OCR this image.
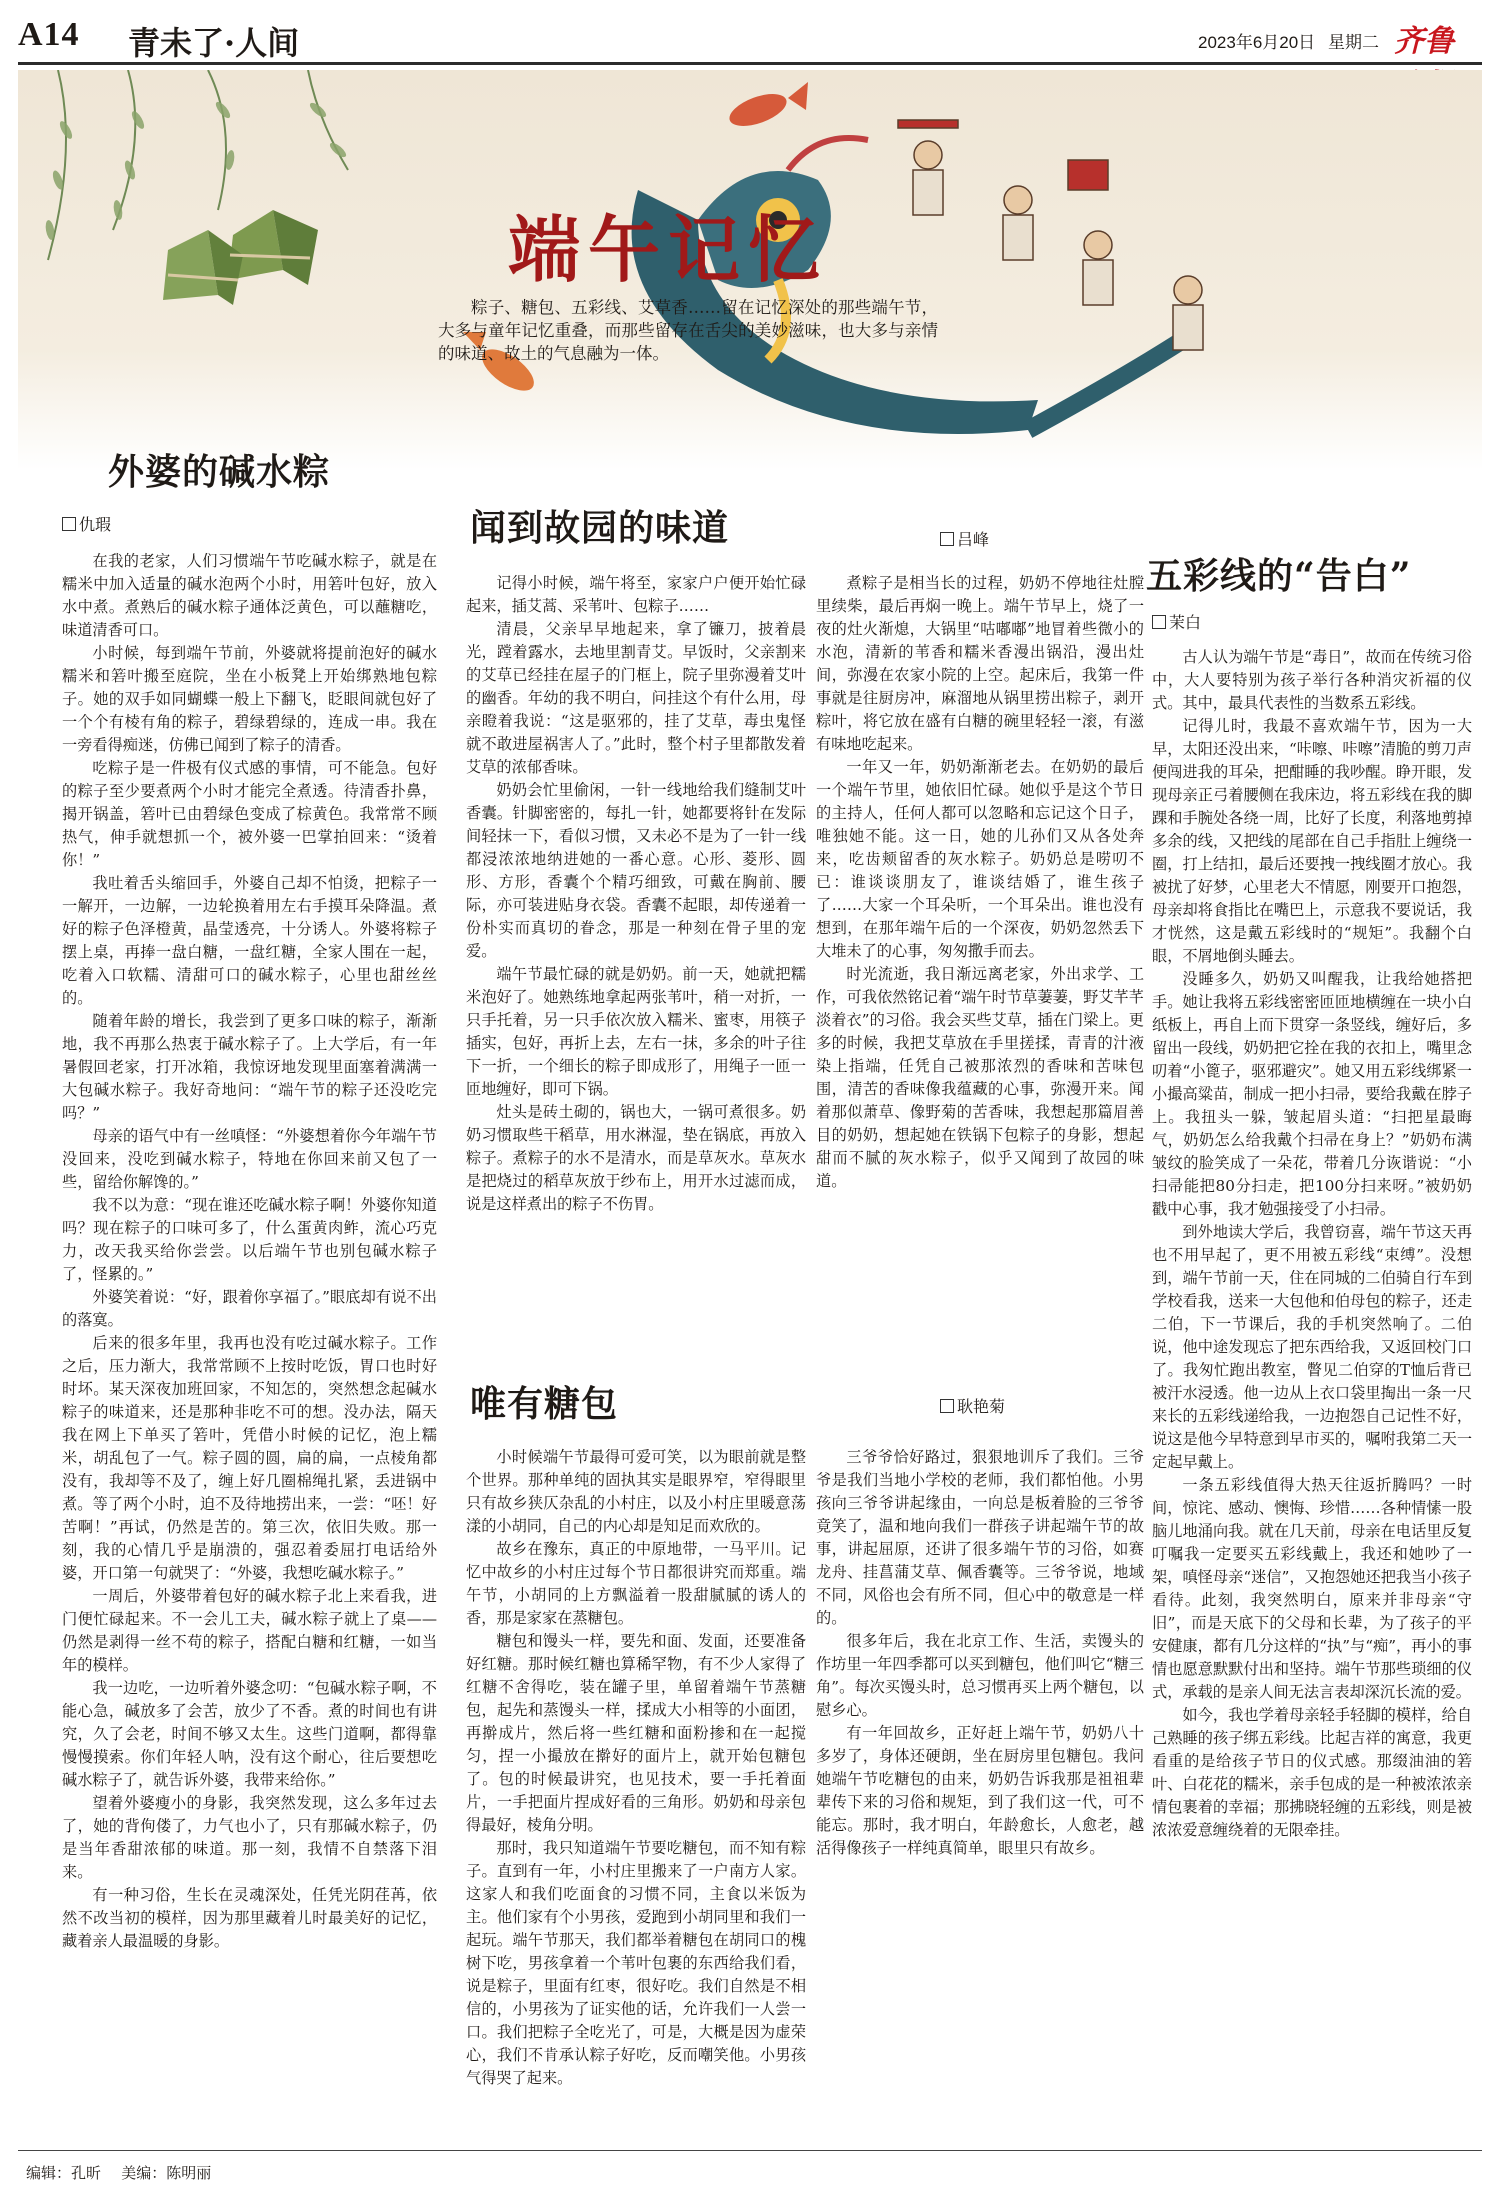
A14 青未了·人间	2023年6月20日 星期二 齐鲁
端午记忆
粽子、糖包、五彩线、艾草香……留在记忆深处的那些端午节，大多与童年记忆重叠，而那些留存在舌尖的美妙滋味，也大多与亲情的味道、故土的气息融为一体。
外婆的碱水粽
仇瑕

在我的老家，人们习惯端午节吃碱水粽子，就是在糯米中加入适量的碱水泡两个小时，用箬叶包好，放入水中煮。煮熟后的碱水粽子通体泛黄色，可以蘸糖吃，味道清香可口。

小时候，每到端午节前，外婆就将提前泡好的碱水糯米和箬叶搬至庭院，坐在小板凳上开始绑熟地包粽子。她的双手如同蝴蝶一般上下翻飞，眨眼间就包好了一个个有棱有角的粽子，碧绿碧绿的，连成一串。我在一旁看得痴迷，仿佛已闻到了粽子的清香。

吃粽子是一件极有仪式感的事情，可不能急。包好的粽子至少要煮两个小时才能完全煮透。待清香扑鼻，揭开锅盖，箬叶已由碧绿色变成了棕黄色。我常常不顾热气，伸手就想抓一个，被外婆一巴掌拍回来：“烫着你！”

我吐着舌头缩回手，外婆自己却不怕烫，把粽子一一解开，一边解，一边轮换着用左右手摸耳朵降温。煮好的粽子色泽橙黄，晶莹透亮，十分诱人。外婆将粽子摆上桌，再捧一盘白糖，一盘红糖，全家人围在一起，吃着入口软糯、清甜可口的碱水粽子，心里也甜丝丝的。

随着年龄的增长，我尝到了更多口味的粽子，渐渐地，我不再那么热衷于碱水粽子了。上大学后，有一年暑假回老家，打开冰箱，我惊讶地发现里面塞着满满一大包碱水粽子。我好奇地问：“端午节的粽子还没吃完吗？”

母亲的语气中有一丝嗔怪：“外婆想着你今年端午节没回来，没吃到碱水粽子，特地在你回来前又包了一些，留给你解馋的。”

我不以为意：“现在谁还吃碱水粽子啊！外婆你知道吗？现在粽子的口味可多了，什么蛋黄肉鲊，流心巧克力，改天我买给你尝尝。以后端午节也别包碱水粽子了，怪累的。”

外婆笑着说：“好，跟着你享福了。”眼底却有说不出的落寞。

后来的很多年里，我再也没有吃过碱水粽子。工作之后，压力渐大，我常常顾不上按时吃饭，胃口也时好时坏。某天深夜加班回家，不知怎的，突然想念起碱水粽子的味道来，还是那种非吃不可的想。没办法，隔天我在网上下单买了箬叶，凭借小时候的记忆，泡上糯米，胡乱包了一气。粽子圆的圆，扁的扁，一点棱角都没有，我却等不及了，缠上好几圈棉绳扎紧，丢进锅中煮。等了两个小时，迫不及待地捞出来，一尝：“呸！好苦啊！”再试，仍然是苦的。第三次，依旧失败。那一刻，我的心情几乎是崩溃的，强忍着委屈打电话给外婆，开口第一句就哭了：“外婆，我想吃碱水粽子。”

一周后，外婆带着包好的碱水粽子北上来看我，进门便忙碌起来。不一会儿工夫，碱水粽子就上了桌——仍然是剥得一丝不苟的粽子，搭配白糖和红糖，一如当年的模样。

我一边吃，一边听着外婆念叨：“包碱水粽子啊，不能心急，碱放多了会苦，放少了不香。煮的时间也有讲究，久了会老，时间不够又太生。这些门道啊，都得靠慢慢摸索。你们年轻人呐，没有这个耐心，往后要想吃碱水粽子了，就告诉外婆，我带来给你。”

望着外婆瘦小的身影，我突然发现，这么多年过去了，她的背佝偻了，力气也小了，只有那碱水粽子，仍是当年香甜浓郁的味道。那一刻，我情不自禁落下泪来。

有一种习俗，生长在灵魂深处，任凭光阴荏苒，依然不改当初的模样，因为那里藏着儿时最美好的记忆，藏着亲人最温暖的身影。

闻到故园的味道	吕峰

记得小时候，端午将至，家家户户便开始忙碌起来，插艾蒿、采苇叶、包粽子……

清晨，父亲早早地起来，拿了镰刀，披着晨光，蹚着露水，去地里割青艾。早饭时，父亲割来的艾草已经挂在屋子的门框上，院子里弥漫着艾叶的幽香。年幼的我不明白，问挂这个有什么用，母亲瞪着我说：“这是驱邪的，挂了艾草，毒虫鬼怪就不敢进屋祸害人了。”此时，整个村子里都散发着艾草的浓郁香味。

奶奶会忙里偷闲，一针一线地给我们缝制艾叶香囊。针脚密密的，每扎一针，她都要将针在发际间轻抹一下，看似习惯，又未必不是为了一针一线都浸浓浓地纳进她的一番心意。心形、菱形、圆形、方形，香囊个个精巧细致，可戴在胸前、腰际，亦可装进贴身衣袋。香囊不起眼，却传递着一份朴实而真切的眷念，那是一种刻在骨子里的宠爱。

端午节最忙碌的就是奶奶。前一天，她就把糯米泡好了。她熟练地拿起两张苇叶，稍一对折，一只手托着，另一只手依次放入糯米、蜜枣，用筷子插实，包好，再折上去，左右一抹，多余的叶子往下一折，一个细长的粽子即成形了，用绳子一匝一匝地缠好，即可下锅。

灶头是砖土砌的，锅也大，一锅可煮很多。奶奶习惯取些干稻草，用水淋湿，垫在锅底，再放入粽子。煮粽子的水不是清水，而是草灰水。草灰水是把烧过的稻草灰放于纱布上，用开水过滤而成，说是这样煮出的粽子不伤胃。

煮粽子是相当长的过程，奶奶不停地往灶膛里续柴，最后再焖一晚上。端午节早上，烧了一夜的灶火渐熄，大锅里“咕嘟嘟”地冒着些微小的水泡，清新的苇香和糯米香漫出锅沿，漫出灶间，弥漫在农家小院的上空。起床后，我第一件事就是往厨房冲，麻溜地从锅里捞出粽子，剥开粽叶，将它放在盛有白糖的碗里轻轻一滚，有滋有味地吃起来。

一年又一年，奶奶渐渐老去。在奶奶的最后一个端午节里，她依旧忙碌。她似乎是这个节日的主持人，任何人都可以忽略和忘记这个日子，唯独她不能。这一日，她的儿孙们又从各处奔来，吃齿颊留香的灰水粽子。奶奶总是唠叨不已：谁谈谈朋友了，谁谈结婚了，谁生孩子了……大家一个耳朵听，一个耳朵出。谁也没有想到，在那年端午后的一个深夜，奶奶忽然丢下大堆未了的心事，匆匆撒手而去。

时光流逝，我日渐远离老家，外出求学、工作，可我依然铭记着“端午时节草萋萋，野艾芊芊淡着衣”的习俗。我会买些艾草，插在门梁上。更多的时候，我把艾草放在手里搓揉，青青的汁液染上指端，任凭自己被那浓烈的香味和苦味包围，清苦的香味像我蕴藏的心事，弥漫开来。闻着那似萧草、像野菊的苦香味，我想起那篇眉善目的奶奶，想起她在铁锅下包粽子的身影，想起甜而不腻的灰水粽子，似乎又闻到了故园的味道。

唯有糖包	耿艳菊

小时候端午节最得可爱可笑，以为眼前就是整个世界。那种单纯的固执其实是眼界窄，窄得眼里只有故乡狭仄杂乱的小村庄，以及小村庄里暖意荡漾的小胡同，自己的内心却是知足而欢欣的。

故乡在豫东，真正的中原地带，一马平川。记忆中故乡的小村庄过每个节日都很讲究而郑重。端午节，小胡同的上方飘溢着一股甜腻腻的诱人的香，那是家家在蒸糖包。

糖包和馒头一样，要先和面、发面，还要准备好红糖。那时候红糖也算稀罕物，有不少人家得了红糖不舍得吃，装在罐子里，单留着端午节蒸糖包，起先和蒸馒头一样，揉成大小相等的小面团，再擀成片，然后将一些红糖和面粉掺和在一起搅匀，捏一小撮放在擀好的面片上，就开始包糖包了。包的时候最讲究，也见技术，要一手托着面片，一手把面片捏成好看的三角形。奶奶和母亲包得最好，棱角分明。

那时，我只知道端午节要吃糖包，而不知有粽子。直到有一年，小村庄里搬来了一户南方人家。这家人和我们吃面食的习惯不同，主食以米饭为主。他们家有个小男孩，爱跑到小胡同里和我们一起玩。端午节那天，我们都举着糖包在胡同口的槐树下吃，男孩拿着一个苇叶包裹的东西给我们看，说是粽子，里面有红枣，很好吃。我们自然是不相信的，小男孩为了证实他的话，允许我们一人尝一口。我们把粽子全吃光了，可是，大概是因为虚荣心，我们不肯承认粽子好吃，反而嘲笑他。小男孩气得哭了起来。

三爷爷恰好路过，狠狠地训斥了我们。三爷爷是我们当地小学校的老师，我们都怕他。小男孩向三爷爷讲起缘由，一向总是板着脸的三爷爷竟笑了，温和地向我们一群孩子讲起端午节的故事，讲起屈原，还讲了很多端午节的习俗，如赛龙舟、挂菖蒲艾草、佩香囊等。三爷爷说，地域不同，风俗也会有所不同，但心中的敬意是一样的。

很多年后，我在北京工作、生活，卖馒头的作坊里一年四季都可以买到糖包，他们叫它“糖三角”。每次买馒头时，总习惯再买上两个糖包，以慰乡心。

有一年回故乡，正好赶上端午节，奶奶八十多岁了，身体还硬朗，坐在厨房里包糖包。我问她端午节吃糖包的由来，奶奶告诉我那是祖祖辈辈传下来的习俗和规矩，到了我们这一代，可不能忘。那时，我才明白，年龄愈长，人愈老，越活得像孩子一样纯真简单，眼里只有故乡。

五彩线的“告白”
茉白

古人认为端午节是“毒日”，故而在传统习俗中，大人要特别为孩子举行各种消灾祈福的仪式。其中，最具代表性的当数系五彩线。

记得儿时，我最不喜欢端午节，因为一大早，太阳还没出来，“咔嚓、咔嚓”清脆的剪刀声便闯进我的耳朵，把酣睡的我吵醒。睁开眼，发现母亲正弓着腰侧在我床边，将五彩线在我的脚踝和手腕处各绕一周，比好了长度，利落地剪掉多余的线，又把线的尾部在自己手指肚上缠绕一圈，打上结扣，最后还要拽一拽线圈才放心。我被扰了好梦，心里老大不情愿，刚要开口抱怨，母亲却将食指比在嘴巴上，示意我不要说话，我才恍然，这是戴五彩线时的“规矩”。我翻个白眼，不屑地倒头睡去。

没睡多久，奶奶又叫醒我，让我给她搭把手。她让我将五彩线密密匝匝地横缠在一块小白纸板上，再自上而下贯穿一条竖线，缠好后，多留出一段线，奶奶把它拴在我的衣扣上，嘴里念叨着“小篦子，驱邪避灾”。她又用五彩线绑紧一小撮高粱苗，制成一把小扫帚，要给我戴在脖子上。我扭头一躲，皱起眉头道：“扫把星最晦气，奶奶怎么给我戴个扫帚在身上？”奶奶布满皱纹的脸笑成了一朵花，带着几分诙谐说：“小扫帚能把80分扫走，把100分扫来呀。”被奶奶戳中心事，我才勉强接受了小扫帚。

到外地读大学后，我曾窃喜，端午节这天再也不用早起了，更不用被五彩线“束缚”。没想到，端午节前一天，住在同城的二伯骑自行车到学校看我，送来一大包他和伯母包的粽子，还走二伯，下一节课后，我的手机突然响了。二伯说，他中途发现忘了把东西给我，又返回校门口了。我匆忙跑出教室，瞥见二伯穿的T恤后背已被汗水浸透。他一边从上衣口袋里掏出一条一尺来长的五彩线递给我，一边抱怨自己记性不好，说这是他今早特意到早市买的，嘱咐我第二天一定起早戴上。

一条五彩线值得大热天往返折腾吗？一时间，惊诧、感动、懊悔、珍惜……各种情愫一股脑儿地涌向我。就在几天前，母亲在电话里反复叮嘱我一定要买五彩线戴上，我还和她吵了一架，嗔怪母亲“迷信”，又抱怨她还把我当小孩子看待。此刻，我突然明白，原来并非母亲“守旧”，而是天底下的父母和长辈，为了孩子的平安健康，都有几分这样的“执”与“痴”，再小的事情也愿意默默付出和坚持。端午节那些琐细的仪式，承载的是亲人间无法言表却深沉长流的爱。

如今，我也学着母亲轻手轻脚的模样，给自己熟睡的孩子绑五彩线。比起吉祥的寓意，我更看重的是给孩子节日的仪式感。那缀油油的箬叶、白花花的糯米，亲手包成的是一种被浓浓亲情包裹着的幸福；那拂晓轻缠的五彩线，则是被浓浓爱意缠绕着的无限牵挂。

编辑：孔昕 美编：陈明丽
